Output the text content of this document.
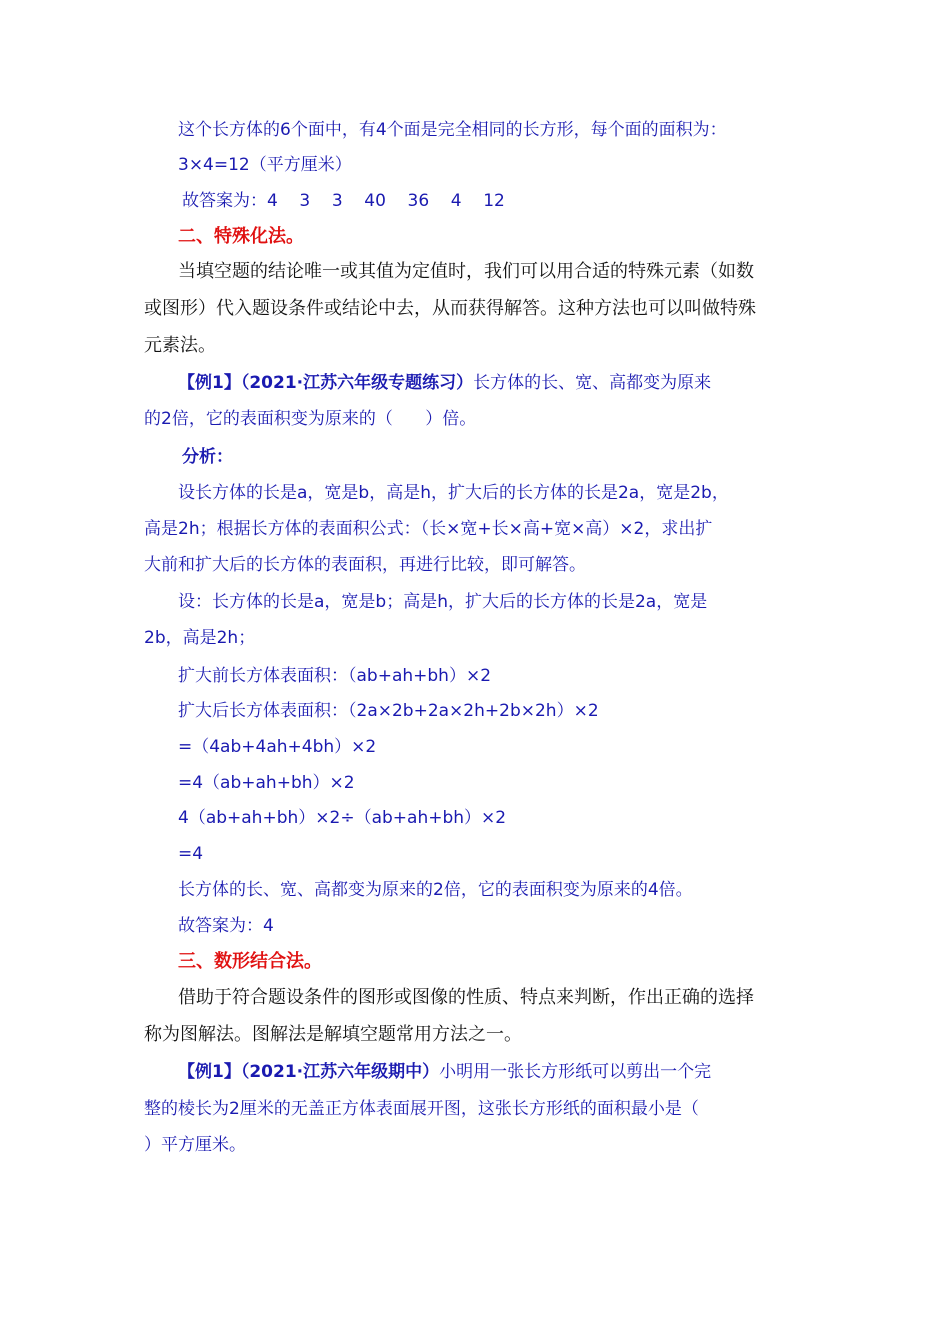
这个长方体的6个面中，有4个面是完全相同的长方形，每个面的面积为：
3×4=12（平方厘米）
故答案为：4    3    3    40    36    4    12
二、特殊化法。
当填空题的结论唯一或其值为定值时，我们可以用合适的特殊元素（如数
或图形）代入题设条件或结论中去，从而获得解答。这种方法也可以叫做特殊
元素法。
【例1】（2021·江苏六年级专题练习）长方体的长、宽、高都变为原来
的2倍，它的表面积变为原来的（      ）倍。
分析：
设长方体的长是a，宽是b，高是h，扩大后的长方体的长是2a，宽是2b，
高是2h；根据长方体的表面积公式：（长×宽+长×高+宽×高）×2，求出扩
大前和扩大后的长方体的表面积，再进行比较，即可解答。
设：长方体的长是a，宽是b；高是h，扩大后的长方体的长是2a，宽是
2b，高是2h；
扩大前长方体表面积：（ab+ah+bh）×2
扩大后长方体表面积：（2a×2b+2a×2h+2b×2h）×2
=（4ab+4ah+4bh）×2
=4（ab+ah+bh）×2
4（ab+ah+bh）×2÷（ab+ah+bh）×2
=4
长方体的长、宽、高都变为原来的2倍，它的表面积变为原来的4倍。
故答案为：4
三、数形结合法。
借助于符合题设条件的图形或图像的性质、特点来判断，作出正确的选择
称为图解法。图解法是解填空题常用方法之一。
【例1】（2021·江苏六年级期中）小明用一张长方形纸可以剪出一个完
整的棱长为2厘米的无盖正方体表面展开图，这张长方形纸的面积最小是（
）平方厘米。
